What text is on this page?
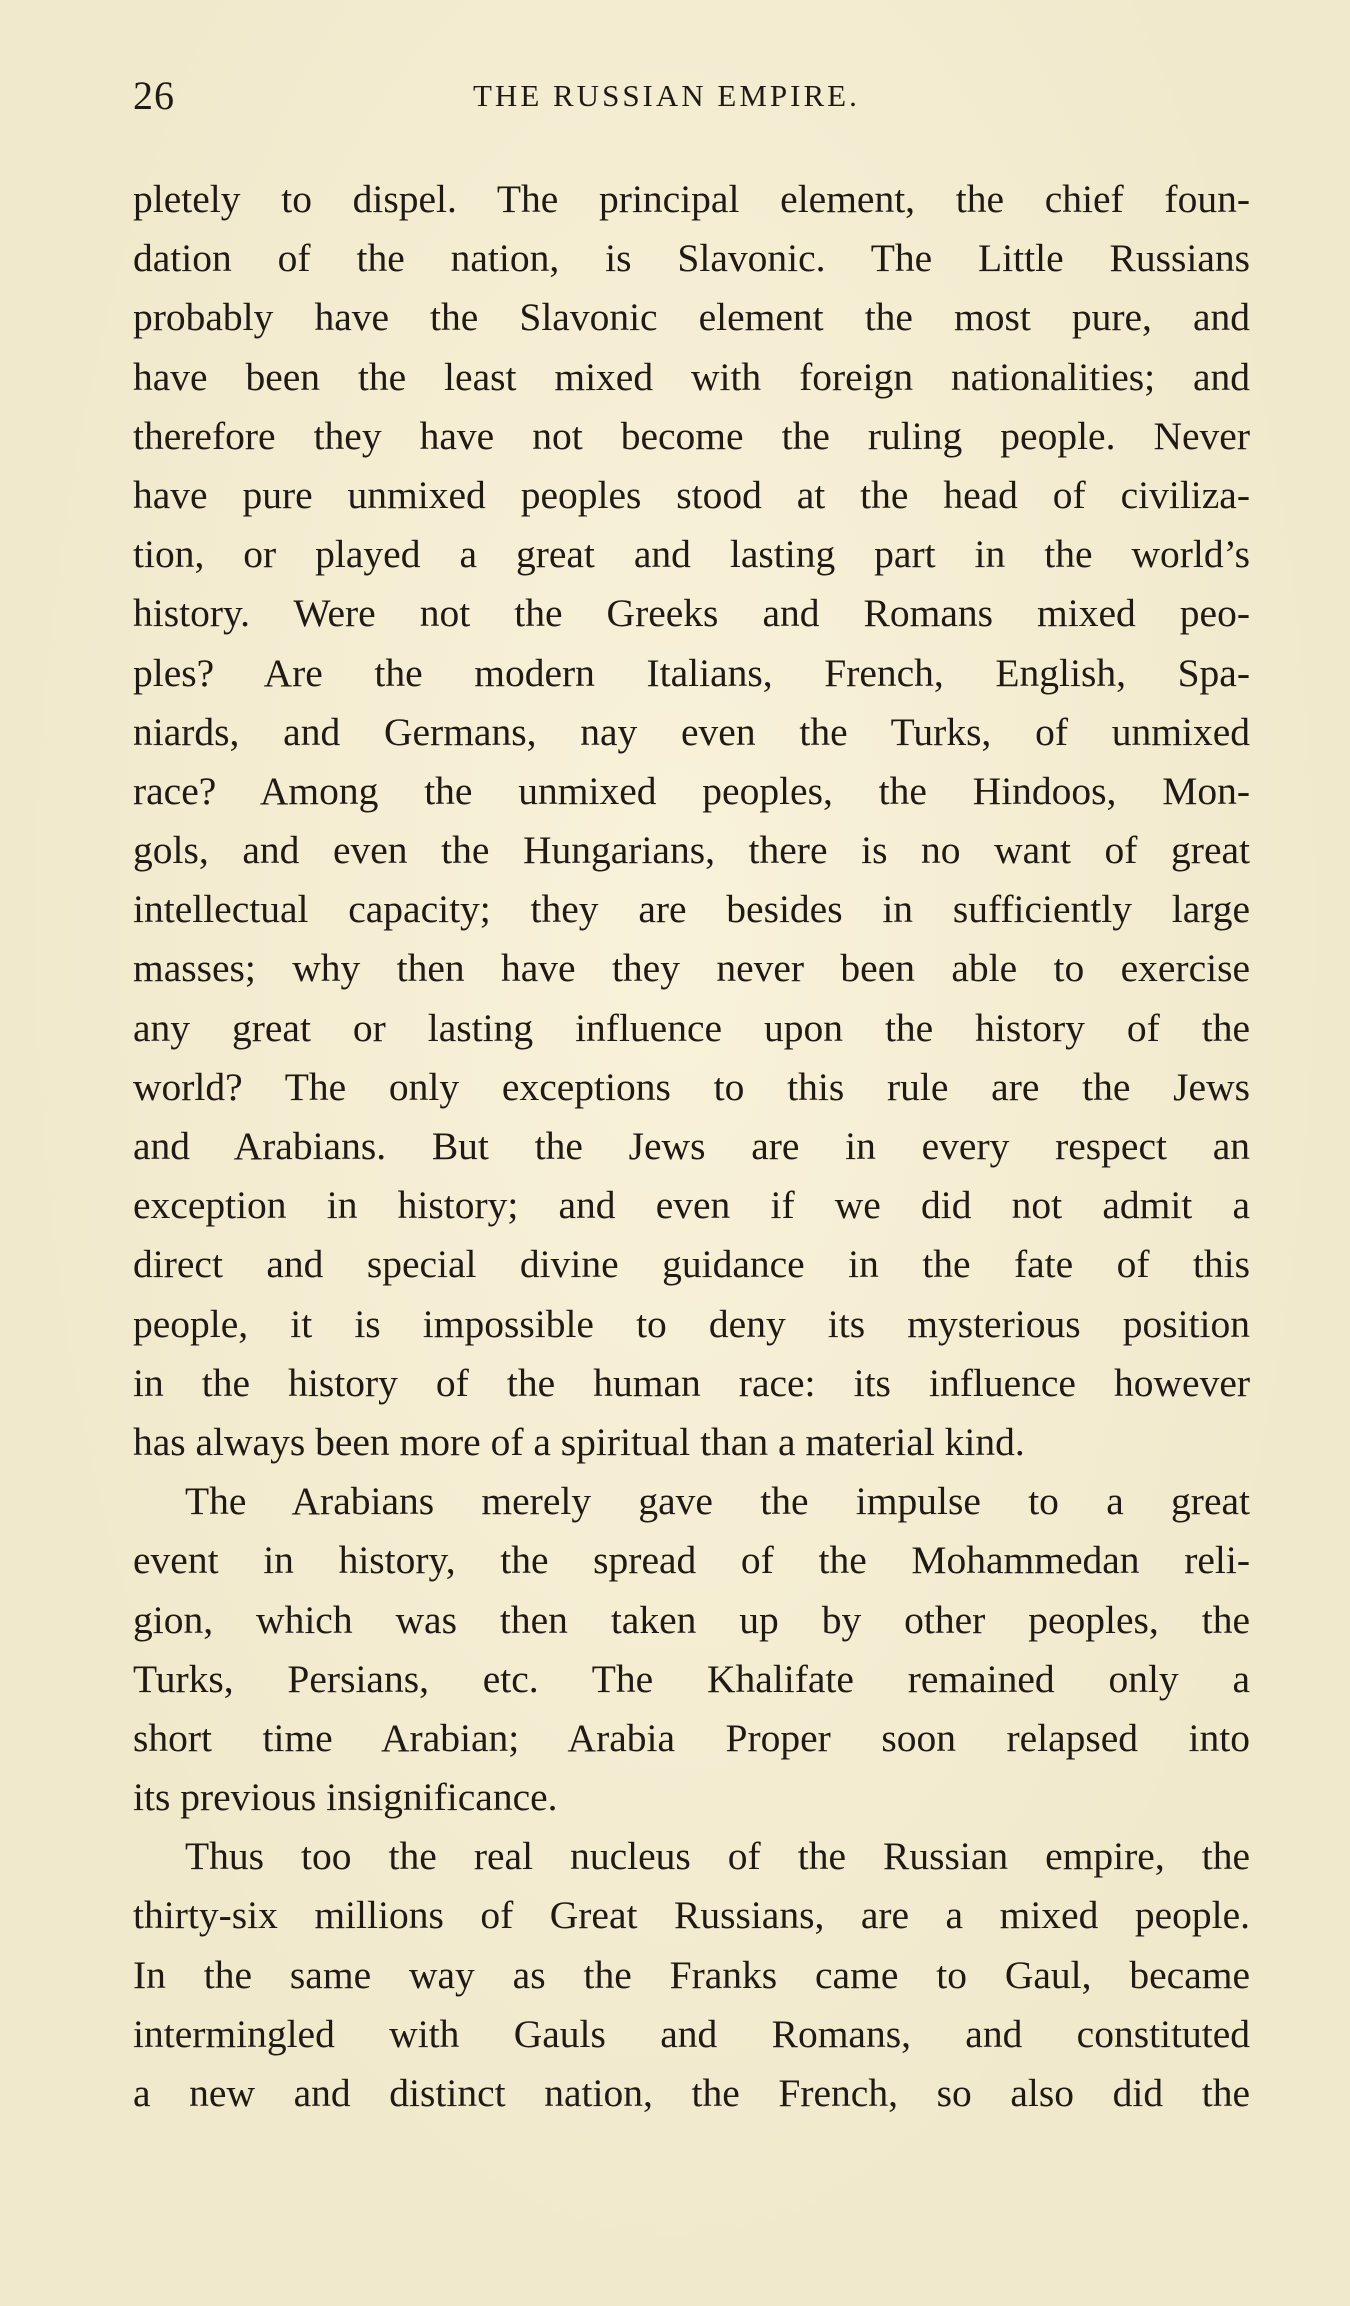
26	THE RUSSIAN EMPIRE.
pletely to dispel. The principal element, the chief foun-
dation of the nation, is Slavonic. The Little Russians
probably have the Slavonic element the most pure, and
have been the least mixed with foreign nationalities; and
therefore they have not become the ruling people. Never
have pure unmixed peoples stood at the head of civiliza-
tion, or played a great and lasting part in the world’s
history. Were not the Greeks and Romans mixed peo-
ples? Are the modern Italians, French, English, Spa-
niards, and Germans, nay even the Turks, of unmixed
race? Among the unmixed peoples, the Hindoos, Mon-
gols, and even the Hungarians, there is no want of great
intellectual capacity; they are besides in sufficiently large
masses; why then have they never been able to exercise
any great or lasting influence upon the history of the
world? The only exceptions to this rule are the Jews
and Arabians. But the Jews are in every respect an
exception in history; and even if we did not admit a
direct and special divine guidance in the fate of this
people, it is impossible to deny its mysterious position
in the history of the human race: its influence however
has always been more of a spiritual than a material kind.
The Arabians merely gave the impulse to a great
event in history, the spread of the Mohammedan reli-
gion, which was then taken up by other peoples, the
Turks, Persians, etc. The Khalifate remained only a
short time Arabian; Arabia Proper soon relapsed into
its previous insignificance.
Thus too the real nucleus of the Russian empire, the
thirty-six millions of Great Russians, are a mixed people.
In the same way as the Franks came to Gaul, became
intermingled with Gauls and Romans, and constituted
a new and distinct nation, the French, so also did the
